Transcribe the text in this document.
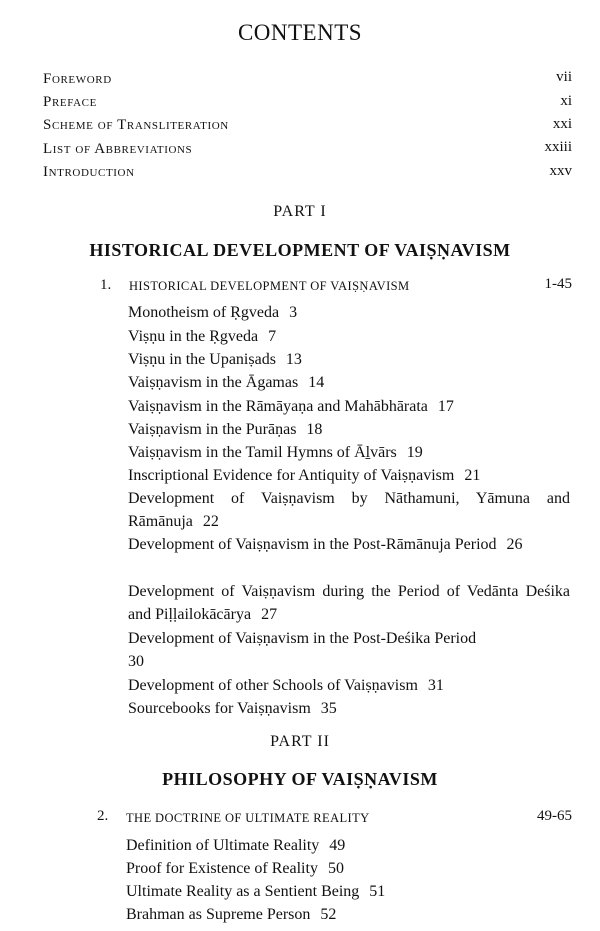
CONTENTS
Foreword	vii
Preface	xi
Scheme of Transliteration	xxi
List of Abbreviations	xxiii
Introduction	xxv
PART I
HISTORICAL DEVELOPMENT OF VAIṢṆAVISM
1. HISTORICAL DEVELOPMENT OF VAIṢṆAVISM	1-45
Monotheism of Ṛgveda 3
Viṣṇu in the Ṛgveda 7
Viṣṇu in the Upaniṣads 13
Vaiṣṇavism in the Āgamas 14
Vaiṣṇavism in the Rāmāyaṇa and Mahābhārata 17
Vaiṣṇavism in the Purāṇas 18
Vaiṣṇavism in the Tamil Hymns of Āḻvārs 19
Inscriptional Evidence for Antiquity of Vaiṣṇavism 21
Development of Vaiṣṇavism by Nāthamuni, Yāmuna and Rāmānuja 22
Development of Vaiṣṇavism in the Post-Rāmānuja Period 26
Development of Vaiṣṇavism during the Period of Vedānta Deśika and Piḷḷailokācārya 27
Development of Vaiṣṇavism in the Post-Deśika Period
30
Development of other Schools of Vaiṣṇavism 31
Sourcebooks for Vaiṣṇavism 35
PART II
PHILOSOPHY OF VAIṢṆAVISM
2. THE DOCTRINE OF ULTIMATE REALITY	49-65
Definition of Ultimate Reality 49
Proof for Existence of Reality 50
Ultimate Reality as a Sentient Being 51
Brahman as Supreme Person 52
